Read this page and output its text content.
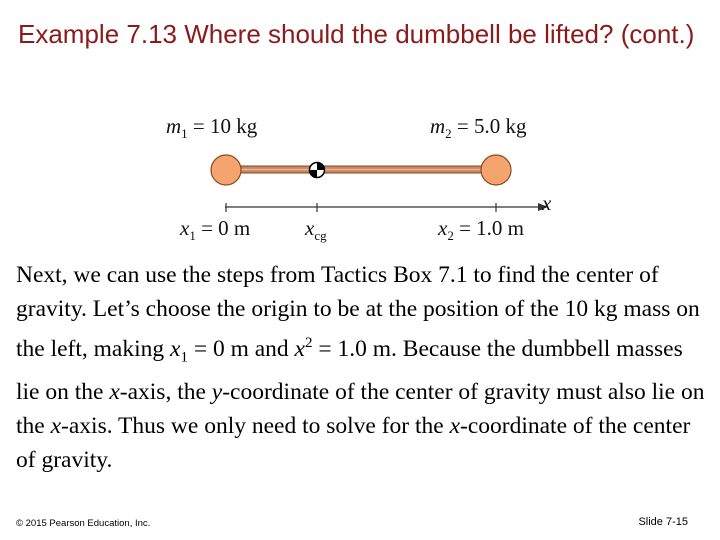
Example 7.13 Where should the dumbbell be lifted? (cont.)
$m_1 = 10$ kg	$m_2 = 5.0$ kg
x
$x_1 = 0$ m	$x_{cg}$	$x_2 = 1.0$ m

Next, we can use the steps from Tactics Box 7.1 to find the center of gravity. Let’s choose the origin to be at the position of the 10 kg mass on the left, making $x_1 = 0$ m and $x^2 = 1.0$ m. Because the dumbbell masses lie on the x-axis, the y-coordinate of the center of gravity must also lie on the x-axis. Thus we only need to solve for the x-coordinate of the center of gravity.

© 2015 Pearson Education, Inc.	Slide 7-15
